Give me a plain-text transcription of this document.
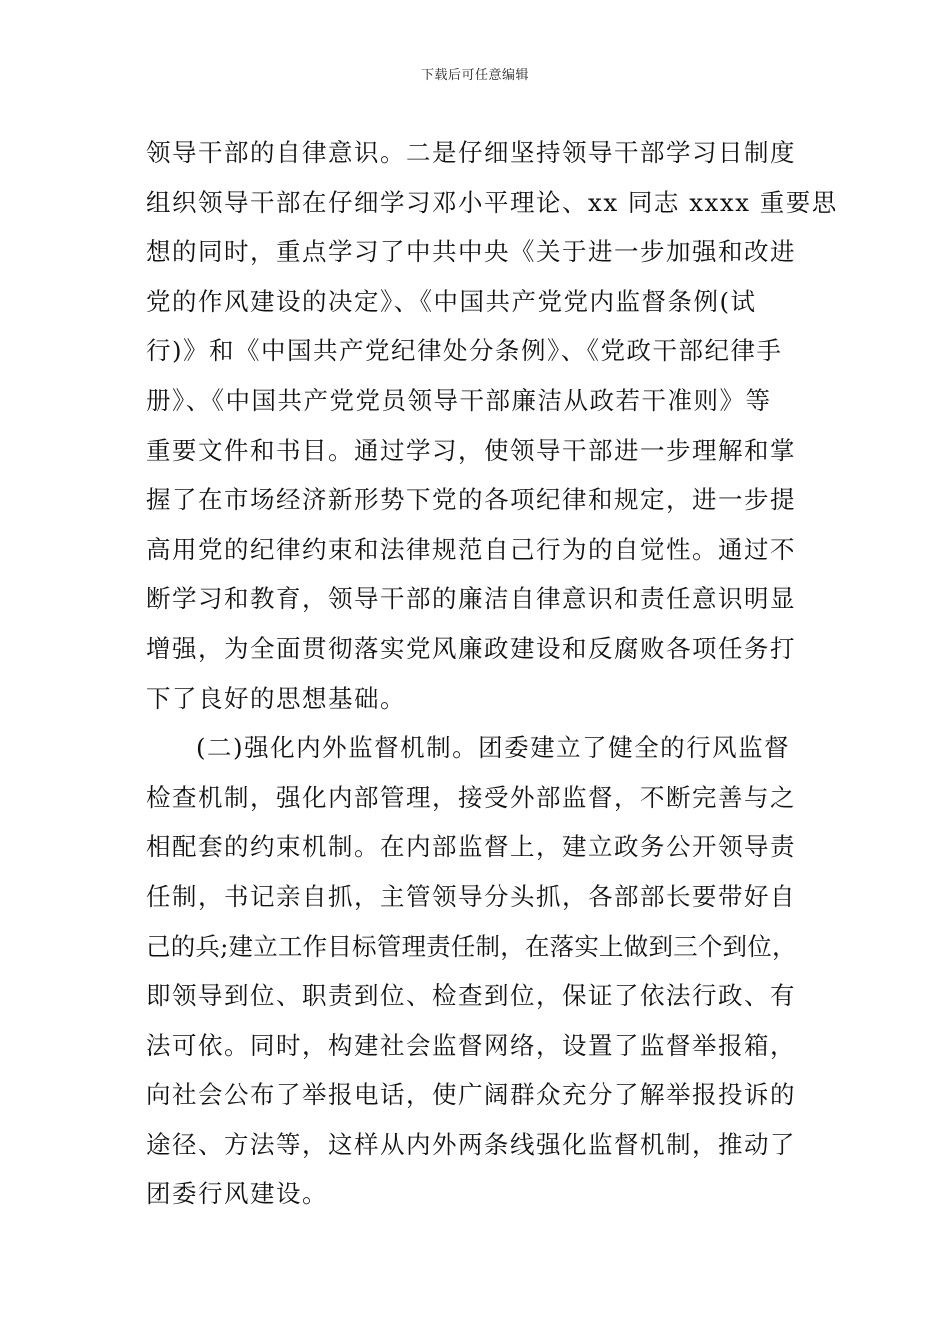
下载后可任意编辑
领导干部的自律意识。二是仔细坚持领导干部学习日制度
组织领导干部在仔细学习邓小平理论、xx 同志 xxxx 重要思
想的同时，重点学习了中共中央《关于进一步加强和改进
党的作风建设的决定》、《中国共产党党内监督条例(试
行)》和《中国共产党纪律处分条例》、《党政干部纪律手
册》、《中国共产党党员领导干部廉洁从政若干准则》等
重要文件和书目。通过学习，使领导干部进一步理解和掌
握了在市场经济新形势下党的各项纪律和规定，进一步提
高用党的纪律约束和法律规范自己行为的自觉性。通过不
断学习和教育，领导干部的廉洁自律意识和责任意识明显
增强，为全面贯彻落实党风廉政建设和反腐败各项任务打
下了良好的思想基础。
(二)强化内外监督机制。团委建立了健全的行风监督
检查机制，强化内部管理，接受外部监督，不断完善与之
相配套的约束机制。在内部监督上，建立政务公开领导责
任制，书记亲自抓，主管领导分头抓，各部部长要带好自
己的兵;建立工作目标管理责任制，在落实上做到三个到位，
即领导到位、职责到位、检查到位，保证了依法行政、有
法可依。同时，构建社会监督网络，设置了监督举报箱，
向社会公布了举报电话，使广阔群众充分了解举报投诉的
途径、方法等，这样从内外两条线强化监督机制，推动了
团委行风建设。
